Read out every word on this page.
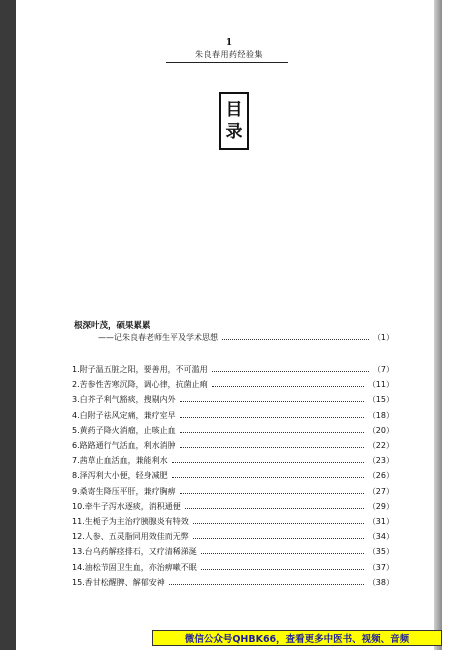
1
朱良春用药经验集
目
录
根深叶茂，硕果累累
——记朱良春老师生平及学术思想	（1）
1. 附子温五脏之阳，要善用，不可滥用	（7）
2. 苦参性苦寒沉降，调心律，抗菌止痢	（11）
3. 白芥子利气豁痰，搜剔内外	（15）
4. 白附子祛风定痛，兼疗室早	（18）
5. 黄药子降火消瘤，止咳止血	（20）
6. 路路通行气活血，利水消肿	（22）
7. 茜草止血活血，兼能利水	（23）
8. 泽泻利大小便，轻身减肥	（26）
9. 桑寄生降压平肝，兼疗胸痹	（27）
10. 牵牛子泻水逐痰，消积通便	（29）
11. 生栀子为主治疗胰腺炎有特效	（31）
12. 人参、五灵脂同用效佳而无弊	（34）
13. 台乌药解痉排石，又疗清稀涕涎	（35）
14. 油松节固卫生血，亦治痹嗽不眠	（37）
15. 香甘松醒脾、解郁安神	（38）
微信公众号QHBK66，查看更多中医书、视频、音频
